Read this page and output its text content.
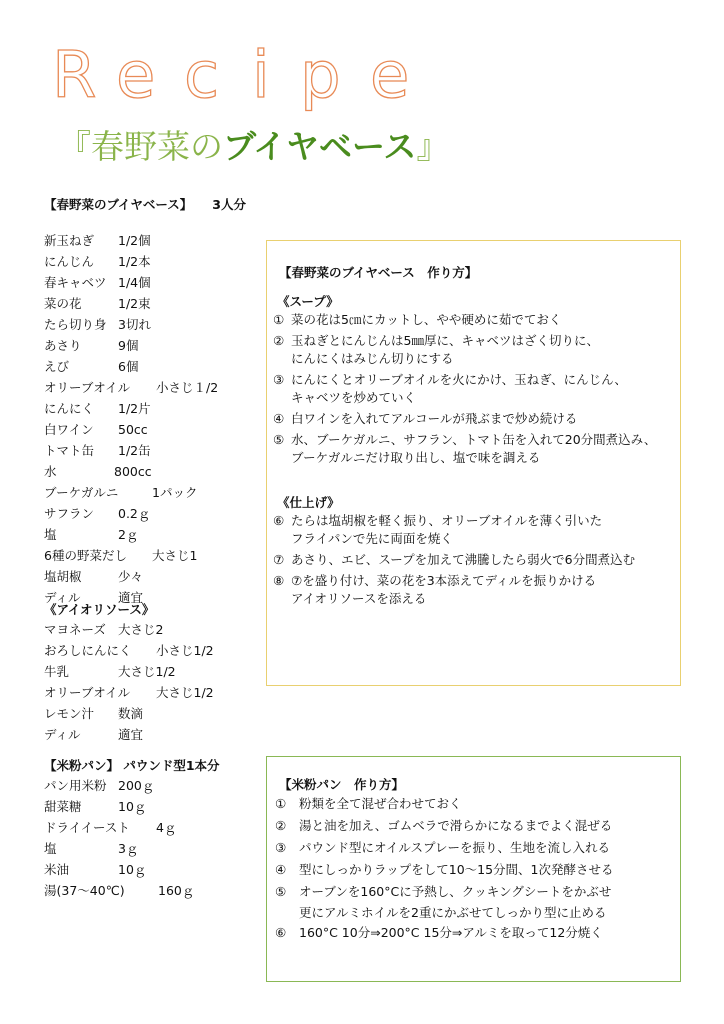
R e c i p e
『春野菜のブイヤベース』
【春野菜のブイヤベース】 3人分
新玉ねぎ 1/2個
にんじん 1/2本
春キャベツ 1/4個
菜の花	1/2束
たら切り身 3切れ
あさり	9個
えび	6個
オリーブオイル 小さじ１/2
にんにく 1/2片
白ワイン 50cc
トマト缶 1/2缶
水	800cc
ブーケガルニ	1パック
サフラン 0.2ｇ
塩	2ｇ
6種の野菜だし 大さじ1
塩胡椒	少々
ディル	適宜
《アイオリソース》
マヨネーズ 大さじ2
おろしにんにく 小さじ1/2
牛乳	大さじ1/2
オリーブオイル 大さじ1/2
レモン汁 数滴
ディル	適宜
【米粉パン】 パウンド型1本分
パン用米粉 200ｇ
甜菜糖	10ｇ
ドライイースト 4ｇ
塩	3ｇ
米油	10ｇ
湯(37〜40℃)	160ｇ
【春野菜のブイヤベース　作り方】
《スープ》
① 菜の花は5㎝にカットし、やや硬めに茹でておく
② 玉ねぎとにんじんは5㎜厚に、キャベツはざく切りに、
にんにくはみじん切りにする
③ にんにくとオリーブオイルを火にかけ、玉ねぎ、にんじん、
キャベツを炒めていく
④ 白ワインを入れてアルコールが飛ぶまで炒め続ける
⑤ 水、ブーケガルニ、サフラン、トマト缶を入れて20分間煮込み、
ブーケガルニだけ取り出し、塩で味を調える
《仕上げ》
⑥ たらは塩胡椒を軽く振り、オリーブオイルを薄く引いた
フライパンで先に両面を焼く
⑦ あさり、エビ、スープを加えて沸騰したら弱火で6分間煮込む
⑧ ⑦を盛り付け、菜の花を3本添えてディルを振りかける
アイオリソースを添える
【米粉パン　作り方】
① 粉類を全て混ぜ合わせておく
② 湯と油を加え、ゴムベラで滑らかになるまでよく混ぜる
③ パウンド型にオイルスプレーを振り、生地を流し入れる
④ 型にしっかりラップをして10〜15分間、1次発酵させる
⑤ オーブンを160°Cに予熱し、クッキングシートをかぶせ
更にアルミホイルを2重にかぶせてしっかり型に止める
⑥ 160°C 10分⇒200°C 15分⇒アルミを取って12分焼く
